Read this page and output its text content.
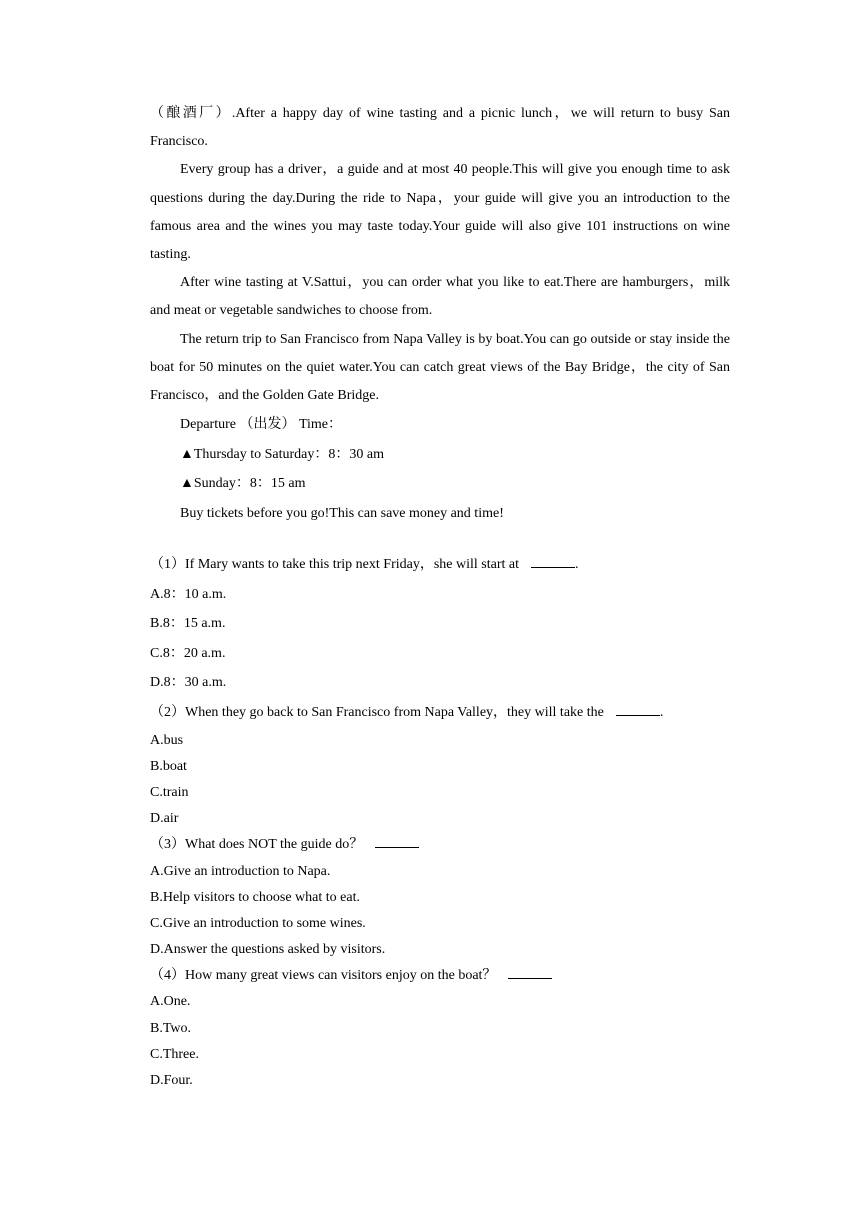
（酿酒厂）.After a happy day of wine tasting and a picnic lunch，we will return to busy San Francisco.

Every group has a driver，a guide and at most 40 people.This will give you enough time to ask questions during the day.During the ride to Napa，your guide will give you an introduction to the famous area and the wines you may taste today.Your guide will also give 101 instructions on wine tasting.

After wine tasting at V.Sattui，you can order what you like to eat.There are hamburgers，milk and meat or vegetable sandwiches to choose from.

The return trip to San Francisco from Napa Valley is by boat.You can go outside or stay inside the boat for 50 minutes on the quiet water.You can catch great views of the Bay Bridge，the city of San Francisco，and the Golden Gate Bridge.

Departure （出发） Time：

▲Thursday to Saturday：8：30 am

▲Sunday：8：15 am

Buy tickets before you go!This can save money and time!

（1）If Mary wants to take this trip next Friday，she will start at	.

A.8：10 a.m.

B.8：15 a.m.

C.8：20 a.m.

D.8：30 a.m.

（2）When they go back to San Francisco from Napa Valley，they will take the	.

A.bus

B.boat

C.train

D.air

（3）What does NOT the guide do？

A.Give an introduction to Napa.

B.Help visitors to choose what to eat.

C.Give an introduction to some wines.

D.Answer the questions asked by visitors.

（4）How many great views can visitors enjoy on the boat？

A.One.

B.Two.

C.Three.

D.Four.
